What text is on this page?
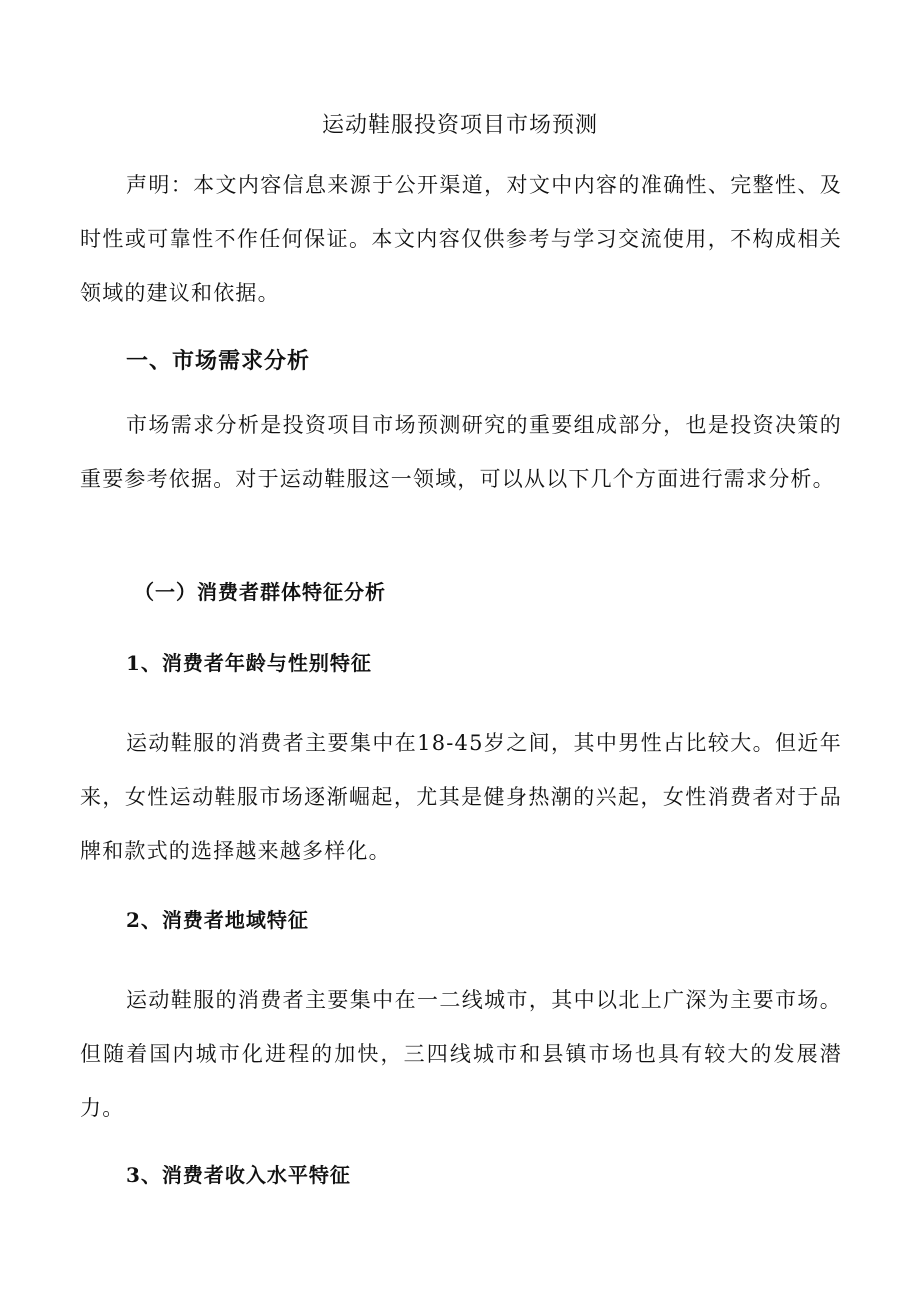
运动鞋服投资项目市场预测

声明：本文内容信息来源于公开渠道，对文中内容的准确性、完整性、及时性或可靠性不作任何保证。本文内容仅供参考与学习交流使用，不构成相关领域的建议和依据。

一、市场需求分析

市场需求分析是投资项目市场预测研究的重要组成部分，也是投资决策的重要参考依据。对于运动鞋服这一领域，可以从以下几个方面进行需求分析。

（一）消费者群体特征分析
1、消费者年龄与性别特征

运动鞋服的消费者主要集中在18-45岁之间，其中男性占比较大。但近年来，女性运动鞋服市场逐渐崛起，尤其是健身热潮的兴起，女性消费者对于品牌和款式的选择越来越多样化。

2、消费者地域特征

运动鞋服的消费者主要集中在一二线城市，其中以北上广深为主要市场。但随着国内城市化进程的加快，三四线城市和县镇市场也具有较大的发展潜力。

3、消费者收入水平特征
